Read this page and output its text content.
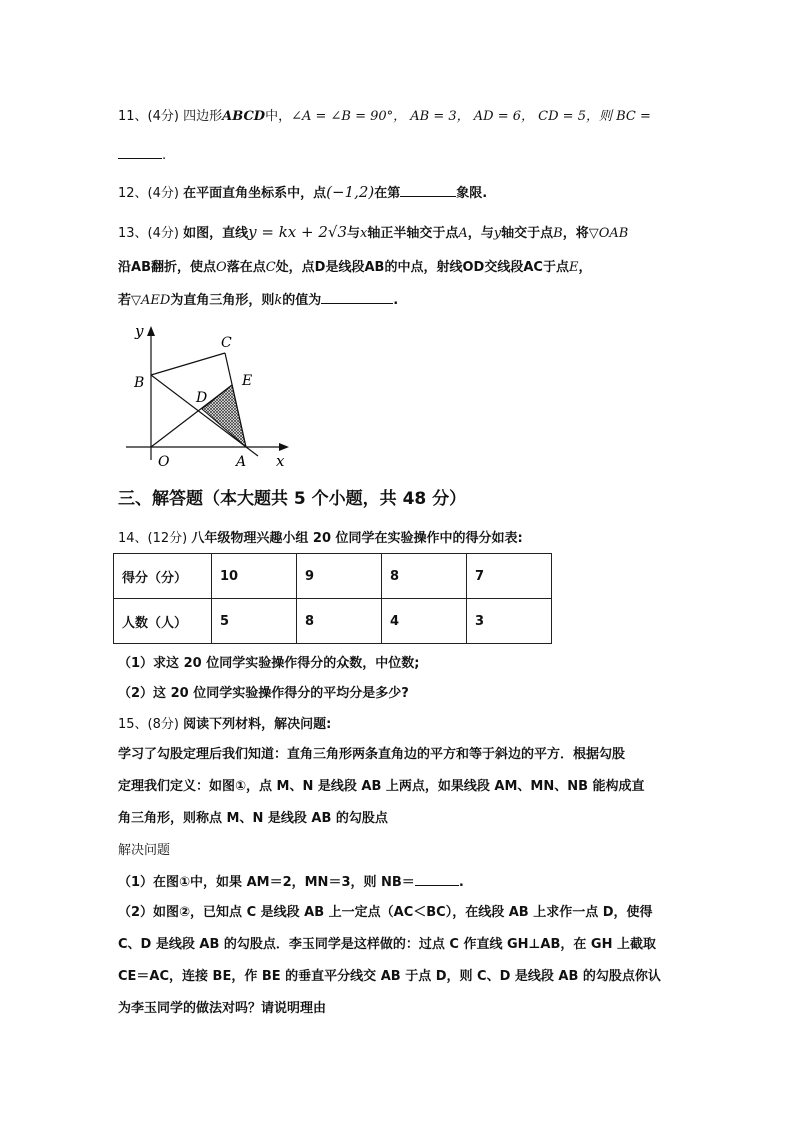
11、(4分) 四边形ABCD中，∠A = ∠B = 90°， AB = 3， AD = 6， CD = 5，则 BC =
.
12、(4分) 在平面直角坐标系中，点(−1,2)在第	象限.
13、(4分) 如图，直线y = kx + 2√3与x轴正半轴交于点A，与y轴交于点B，将▽OAB
沿AB翻折，使点O落在点C处，点D是线段AB的中点，射线OD交线段AC于点E，
若▽AED为直角三角形，则k的值为	.
y
x
O	A
B
C
D
E
三、解答题（本大题共 5 个小题，共 48 分）
14、(12分) 八年级物理兴趣小组 20 位同学在实验操作中的得分如表:
得分（分）	10	9	8	7
人数（人）	5	8	4	3
（1）求这 20 位同学实验操作得分的众数，中位数;
（2）这 20 位同学实验操作得分的平均分是多少?
15、(8分) 阅读下列材料，解决问题:
学习了勾股定理后我们知道：直角三角形两条直角边的平方和等于斜边的平方．根据勾股
定理我们定义：如图①，点 M、N 是线段 AB 上两点，如果线段 AM、MN、NB 能构成直
角三角形，则称点 M、N 是线段 AB 的勾股点
解决问题
（1）在图①中，如果 AM＝2，MN＝3，则 NB＝	.
（2）如图②，已知点 C 是线段 AB 上一定点（AC＜BC），在线段 AB 上求作一点 D，使得
C、D 是线段 AB 的勾股点．李玉同学是这样做的：过点 C 作直线 GH⊥AB，在 GH 上截取
CE＝AC，连接 BE，作 BE 的垂直平分线交 AB 于点 D，则 C、D 是线段 AB 的勾股点你认
为李玉同学的做法对吗？请说明理由
